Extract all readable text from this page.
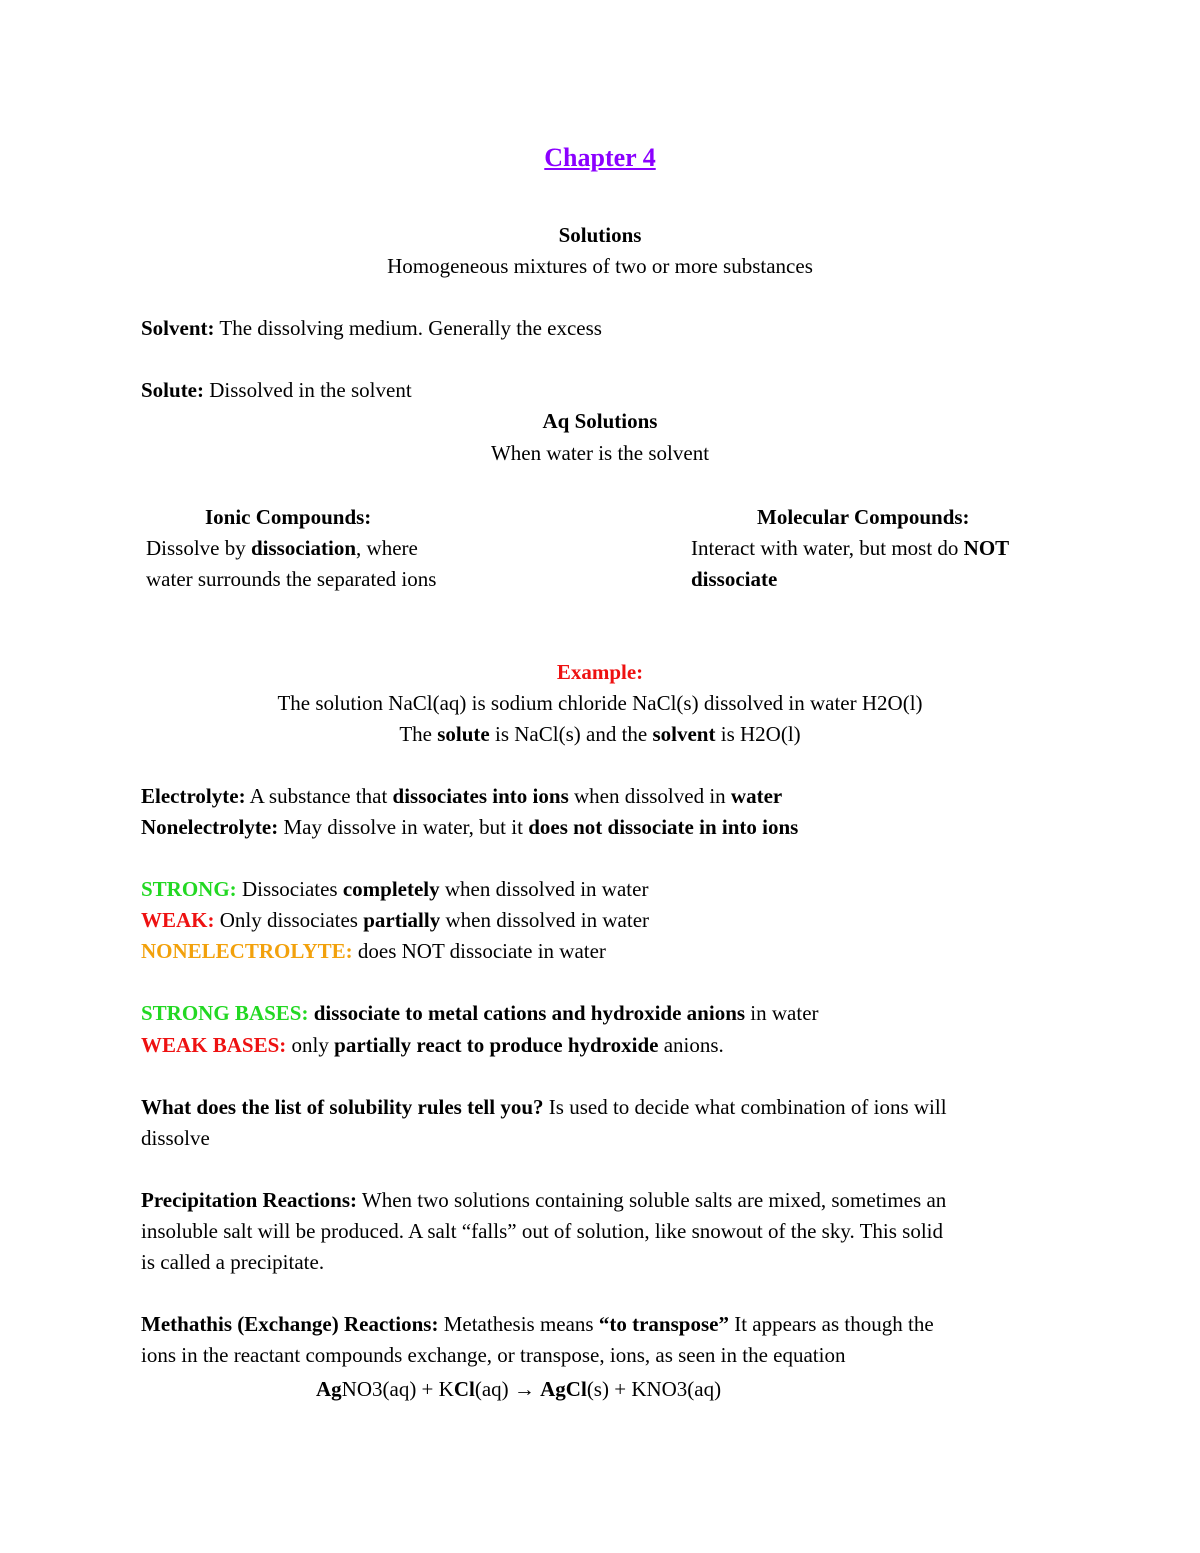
Chapter 4
Solutions
Homogeneous mixtures of two or more substances
Solvent: The dissolving medium. Generally the excess
Solute: Dissolved in the solvent
Aq Solutions
When water is the solvent
Ionic Compounds:
Dissolve by dissociation, where
water surrounds the separated ions
Molecular Compounds:
Interact with water, but most do NOT
dissociate
Example:
The solution NaCl(aq) is sodium chloride NaCl(s) dissolved in water H2O(l)
The solute is NaCl(s) and the solvent is H2O(l)
Electrolyte: A substance that dissociates into ions when dissolved in water
Nonelectrolyte: May dissolve in water, but it does not dissociate in into ions
STRONG: Dissociates completely when dissolved in water
WEAK: Only dissociates partially when dissolved in water
NONELECTROLYTE: does NOT dissociate in water
STRONG BASES: dissociate to metal cations and hydroxide anions in water
WEAK BASES: only partially react to produce hydroxide anions.
What does the list of solubility rules tell you? Is used to decide what combination of ions will
dissolve
Precipitation Reactions: When two solutions containing soluble salts are mixed, sometimes an
insoluble salt will be produced. A salt “falls” out of solution, like snowout of the sky. This solid
is called a precipitate.
Methathis (Exchange) Reactions: Metathesis means “to transpose” It appears as though the
ions in the reactant compounds exchange, or transpose, ions, as seen in the equation
AgNO3(aq) + KCl(aq) → AgCl(s) + KNO3(aq)
